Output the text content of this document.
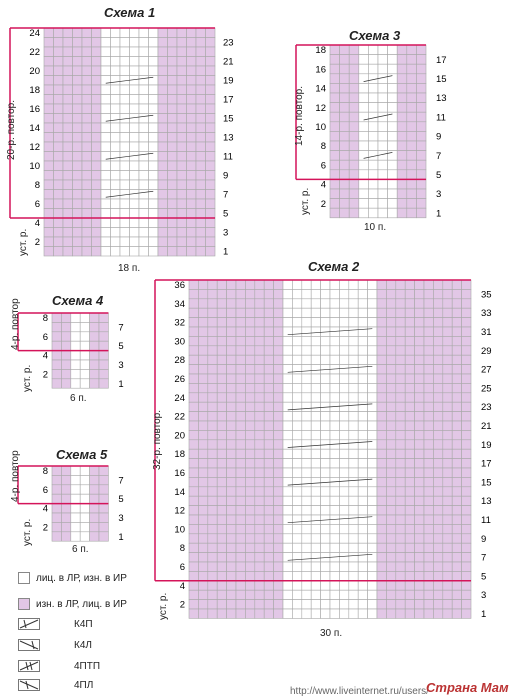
Схема 1
Схема 3
Схема 2
Схема 4
Схема 5
24
22
20
18
16
14
12
10
8
6
4
2
23
21
19
17
15
13
11
9
7
5
3
1
18
16
14
12
10
8
6
4
2
17
15
13
11
9
7
5
3
1
36
34
32
30
28
26
24
22
20
18
16
14
12
10
8
6
4
2
35
33
31
29
27
25
23
21
19
17
15
13
11
9
7
5
3
1
8
6
4
2
7
5
3
1
8
6
4
2
7
5
3
1
18 п.
10 п.
30 п.
6 п.
6 п.
20-р. повтор.
уст. р.
14-р. повтор.
уст. р.
32-р. повтор.
уст. р.
4-р. повтор
уст. р.
4-р. повтор
уст. р.
лиц. в ЛР, изн. в ИР
изн. в ЛР, лиц. в ИР
К4П
К4Л
4ПТП
4ПЛ
http://www.liveinternet.ru/users/
Страна Мам
